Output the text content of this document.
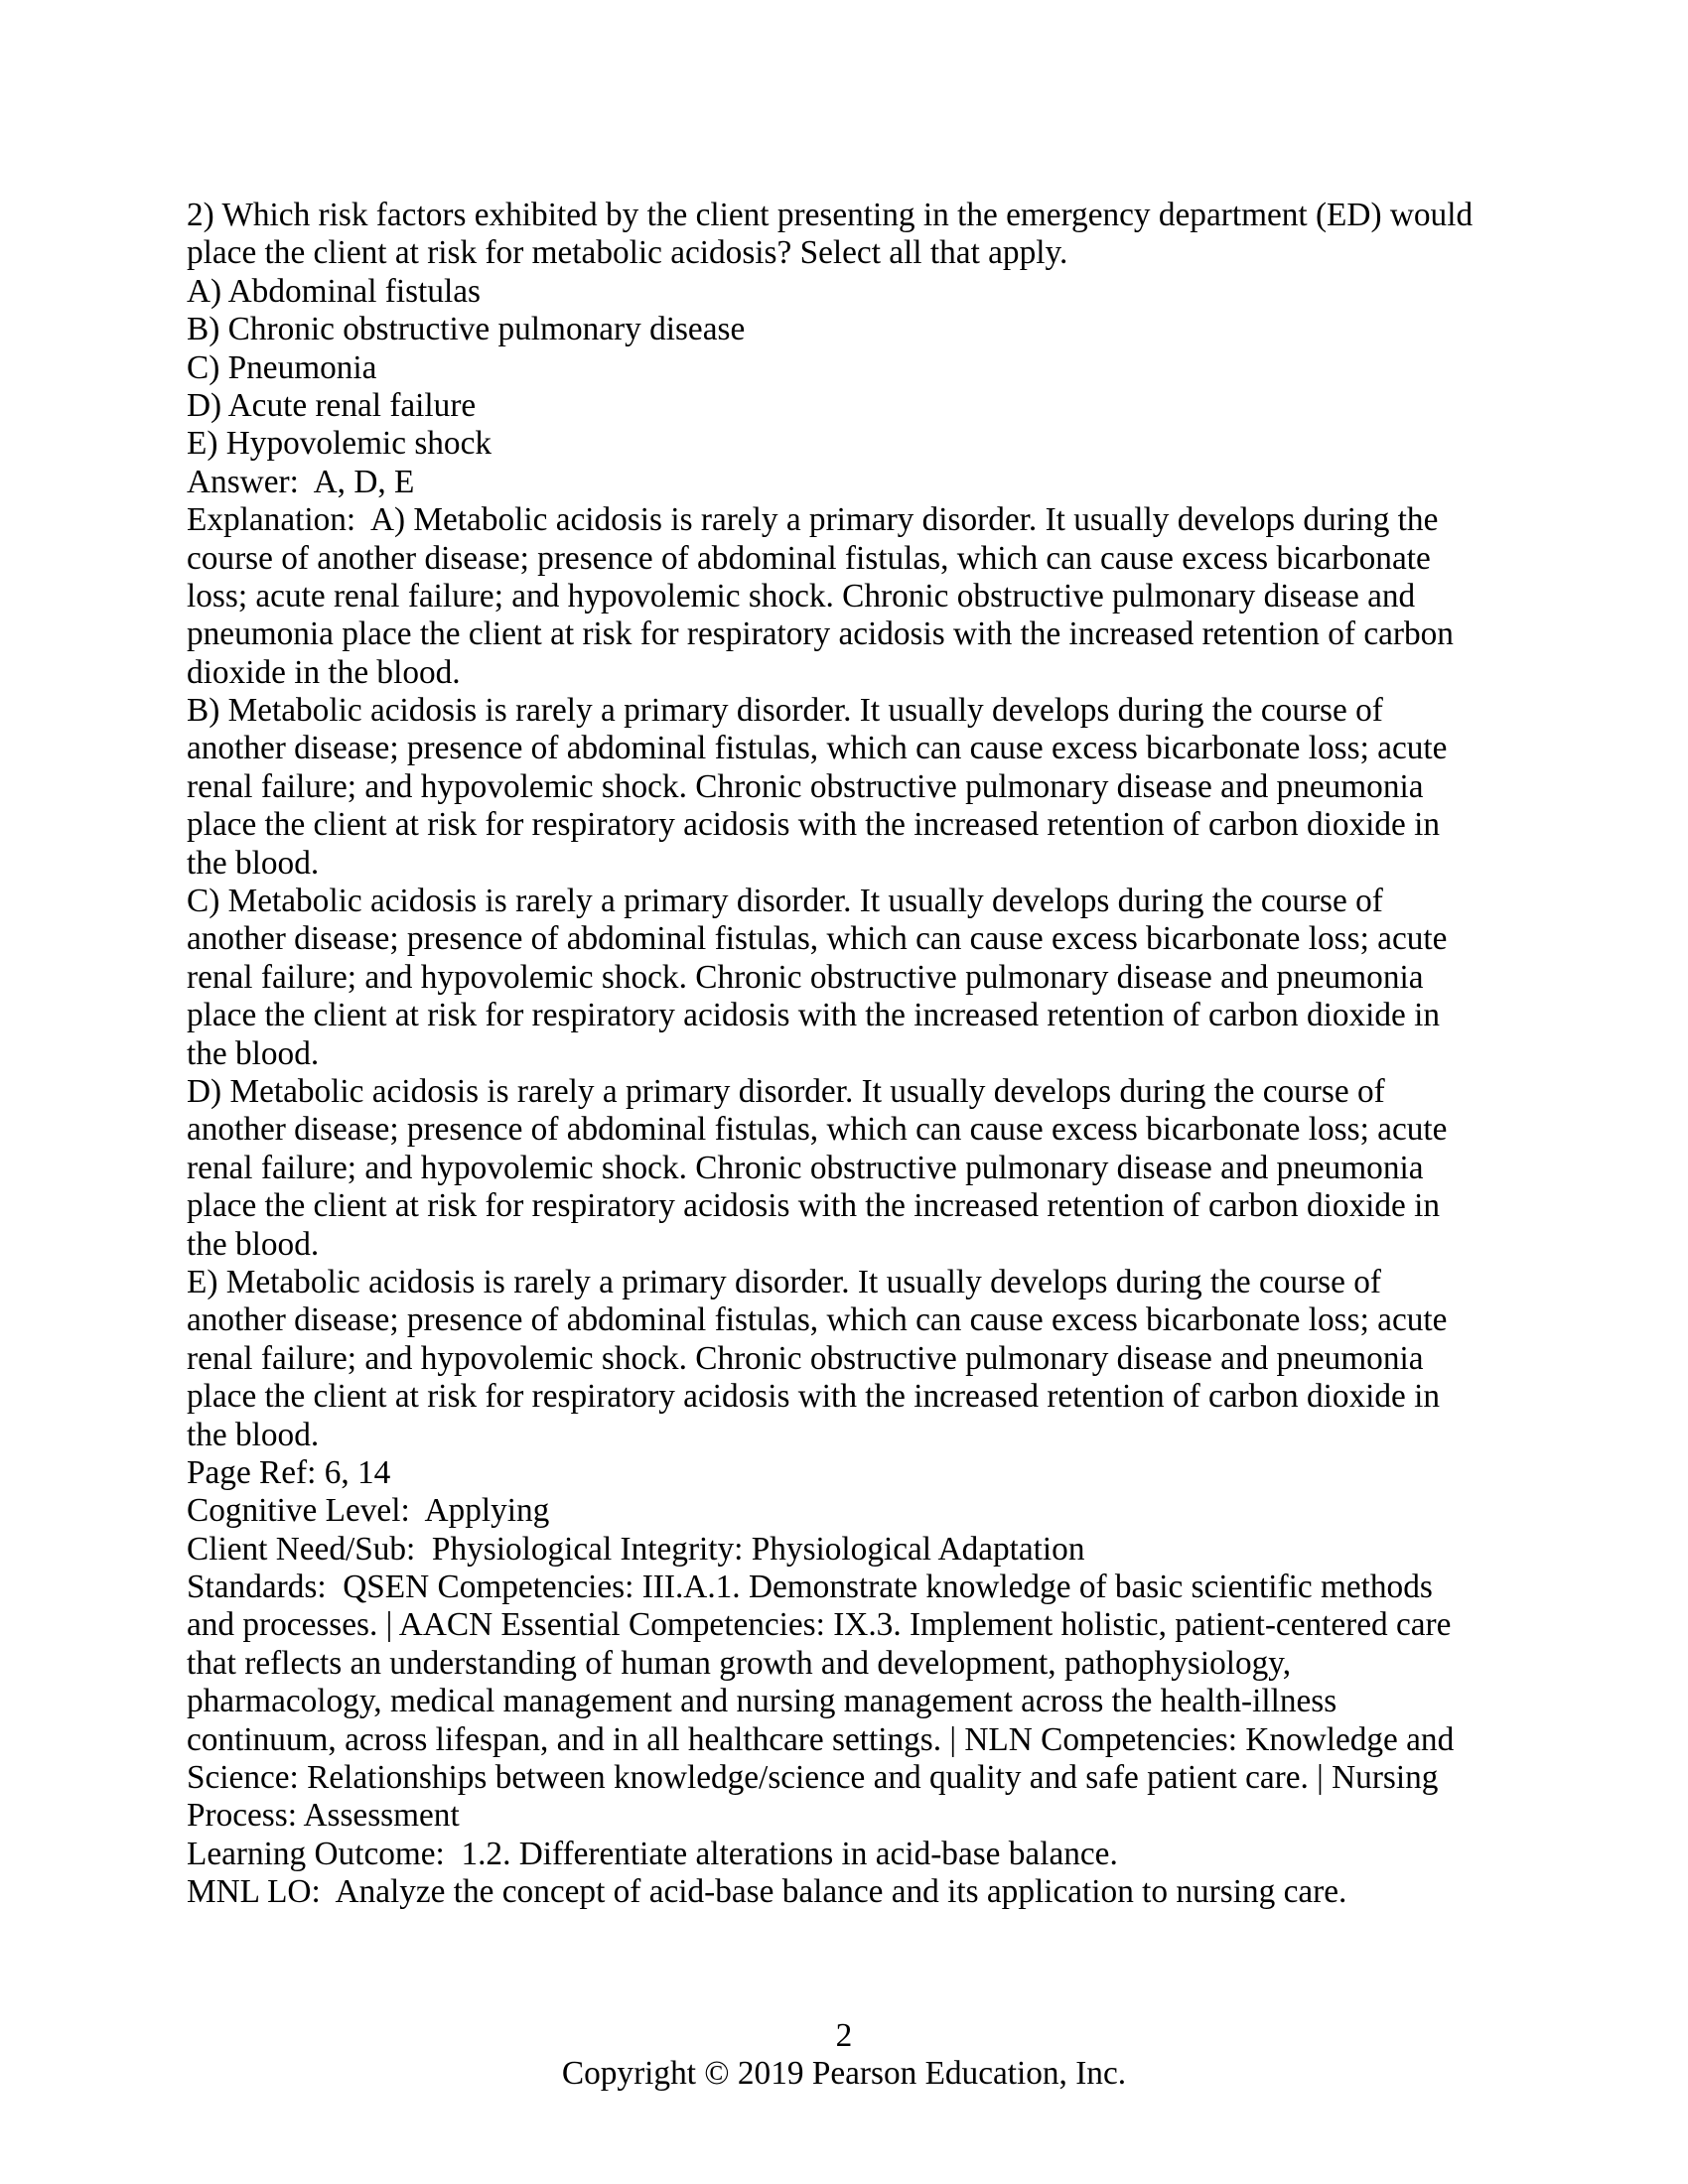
2) Which risk factors exhibited by the client presenting in the emergency department (ED) would
place the client at risk for metabolic acidosis? Select all that apply.
A) Abdominal fistulas
B) Chronic obstructive pulmonary disease
C) Pneumonia
D) Acute renal failure
E) Hypovolemic shock
Answer:  A, D, E
Explanation:  A) Metabolic acidosis is rarely a primary disorder. It usually develops during the
course of another disease; presence of abdominal fistulas, which can cause excess bicarbonate
loss; acute renal failure; and hypovolemic shock. Chronic obstructive pulmonary disease and
pneumonia place the client at risk for respiratory acidosis with the increased retention of carbon
dioxide in the blood.
B) Metabolic acidosis is rarely a primary disorder. It usually develops during the course of
another disease; presence of abdominal fistulas, which can cause excess bicarbonate loss; acute
renal failure; and hypovolemic shock. Chronic obstructive pulmonary disease and pneumonia
place the client at risk for respiratory acidosis with the increased retention of carbon dioxide in
the blood.
C) Metabolic acidosis is rarely a primary disorder. It usually develops during the course of
another disease; presence of abdominal fistulas, which can cause excess bicarbonate loss; acute
renal failure; and hypovolemic shock. Chronic obstructive pulmonary disease and pneumonia
place the client at risk for respiratory acidosis with the increased retention of carbon dioxide in
the blood.
D) Metabolic acidosis is rarely a primary disorder. It usually develops during the course of
another disease; presence of abdominal fistulas, which can cause excess bicarbonate loss; acute
renal failure; and hypovolemic shock. Chronic obstructive pulmonary disease and pneumonia
place the client at risk for respiratory acidosis with the increased retention of carbon dioxide in
the blood.
E) Metabolic acidosis is rarely a primary disorder. It usually develops during the course of
another disease; presence of abdominal fistulas, which can cause excess bicarbonate loss; acute
renal failure; and hypovolemic shock. Chronic obstructive pulmonary disease and pneumonia
place the client at risk for respiratory acidosis with the increased retention of carbon dioxide in
the blood.
Page Ref: 6, 14
Cognitive Level:  Applying
Client Need/Sub:  Physiological Integrity: Physiological Adaptation
Standards:  QSEN Competencies: III.A.1. Demonstrate knowledge of basic scientific methods
and processes. | AACN Essential Competencies: IX.3. Implement holistic, patient-centered care
that reflects an understanding of human growth and development, pathophysiology,
pharmacology, medical management and nursing management across the health-illness
continuum, across lifespan, and in all healthcare settings. | NLN Competencies: Knowledge and
Science: Relationships between knowledge/science and quality and safe patient care. | Nursing
Process: Assessment
Learning Outcome:  1.2. Differentiate alterations in acid-base balance.
MNL LO:  Analyze the concept of acid-base balance and its application to nursing care.
2
Copyright © 2019 Pearson Education, Inc.
